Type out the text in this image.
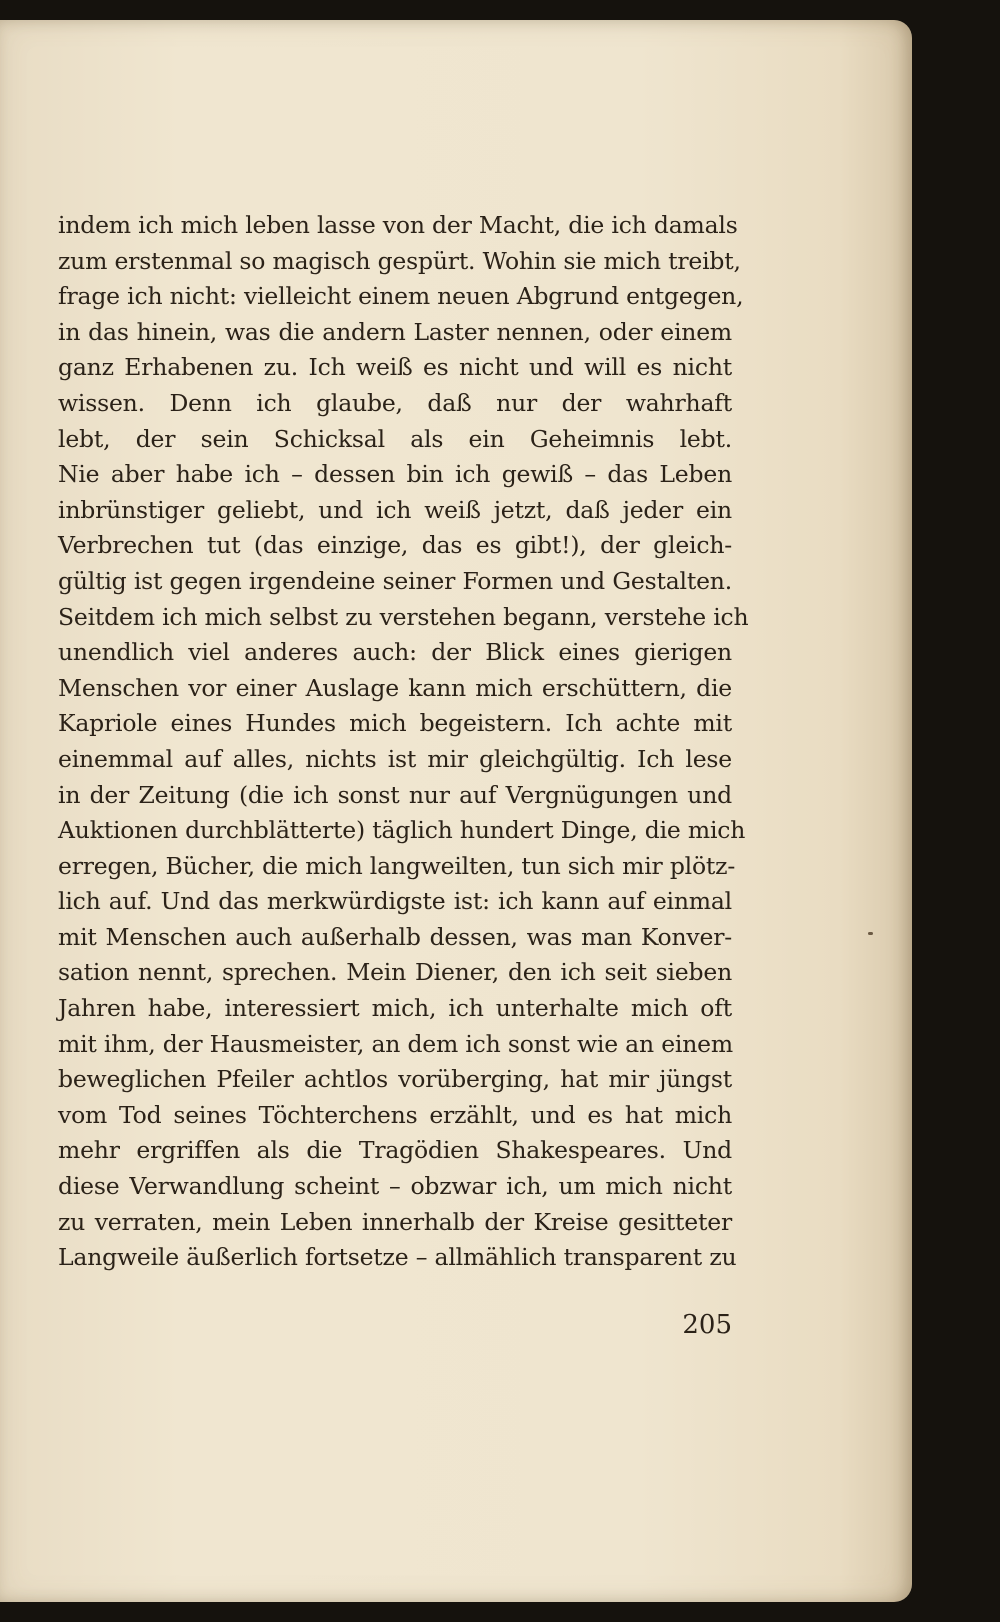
indem ich mich leben lasse von der Macht, die ich damals
zum erstenmal so magisch gespürt. Wohin sie mich treibt,
frage ich nicht: vielleicht einem neuen Abgrund entgegen,
in das hinein, was die andern Laster nennen, oder einem
ganz Erhabenen zu. Ich weiß es nicht und will es nicht
wissen. Denn ich glaube, daß nur der wahrhaft
lebt, der sein Schicksal als ein Geheimnis lebt.
Nie aber habe ich – dessen bin ich gewiß – das Leben
inbrünstiger geliebt, und ich weiß jetzt, daß jeder ein
Verbrechen tut (das einzige, das es gibt!), der gleich-
gültig ist gegen irgendeine seiner Formen und Gestalten.
Seitdem ich mich selbst zu verstehen begann, verstehe ich
unendlich viel anderes auch: der Blick eines gierigen
Menschen vor einer Auslage kann mich erschüttern, die
Kapriole eines Hundes mich begeistern. Ich achte mit
einemmal auf alles, nichts ist mir gleichgültig. Ich lese
in der Zeitung (die ich sonst nur auf Vergnügungen und
Auktionen durchblätterte) täglich hundert Dinge, die mich
erregen, Bücher, die mich langweilten, tun sich mir plötz-
lich auf. Und das merkwürdigste ist: ich kann auf einmal
mit Menschen auch außerhalb dessen, was man Konver-
sation nennt, sprechen. Mein Diener, den ich seit sieben
Jahren habe, interessiert mich, ich unterhalte mich oft
mit ihm, der Hausmeister, an dem ich sonst wie an einem
beweglichen Pfeiler achtlos vorüberging, hat mir jüngst
vom Tod seines Töchterchens erzählt, und es hat mich
mehr ergriffen als die Tragödien Shakespeares. Und
diese Verwandlung scheint – obzwar ich, um mich nicht
zu verraten, mein Leben innerhalb der Kreise gesitteter
Langweile äußerlich fortsetze – allmählich transparent zu
205
